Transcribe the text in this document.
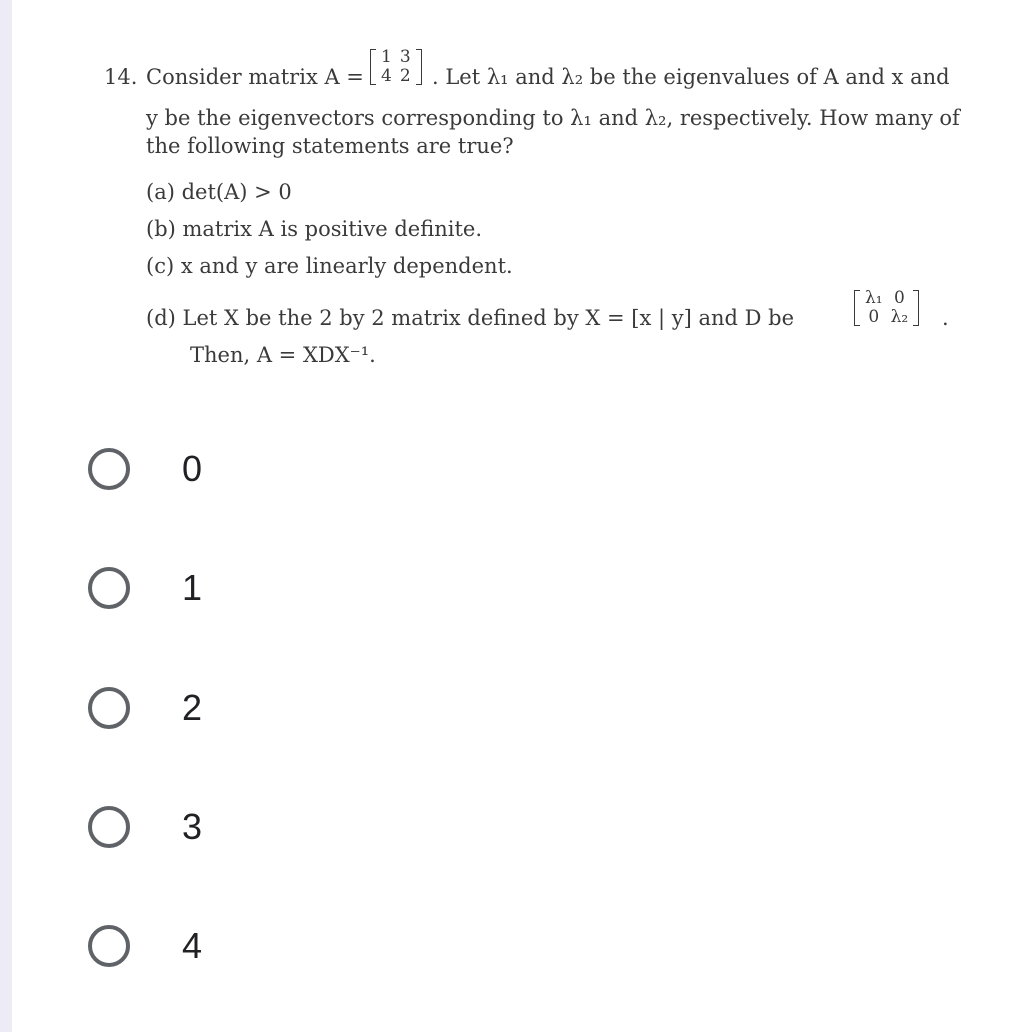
14. Consider matrix A =
1	3
4	2 . Let λ₁ and λ₂ be the eigenvalues of A and x and
y be the eigenvectors corresponding to λ₁ and λ₂, respectively. How many of
the following statements are true?
(a) det(A) > 0
(b) matrix A is positive definite.
(c) x and y are linearly dependent.
(d) Let X be the 2 by 2 matrix defined by X = [x | y] and D be
λ₁	0
0	λ₂ .
Then, A = XDX⁻¹.
0
1
2
3
4
